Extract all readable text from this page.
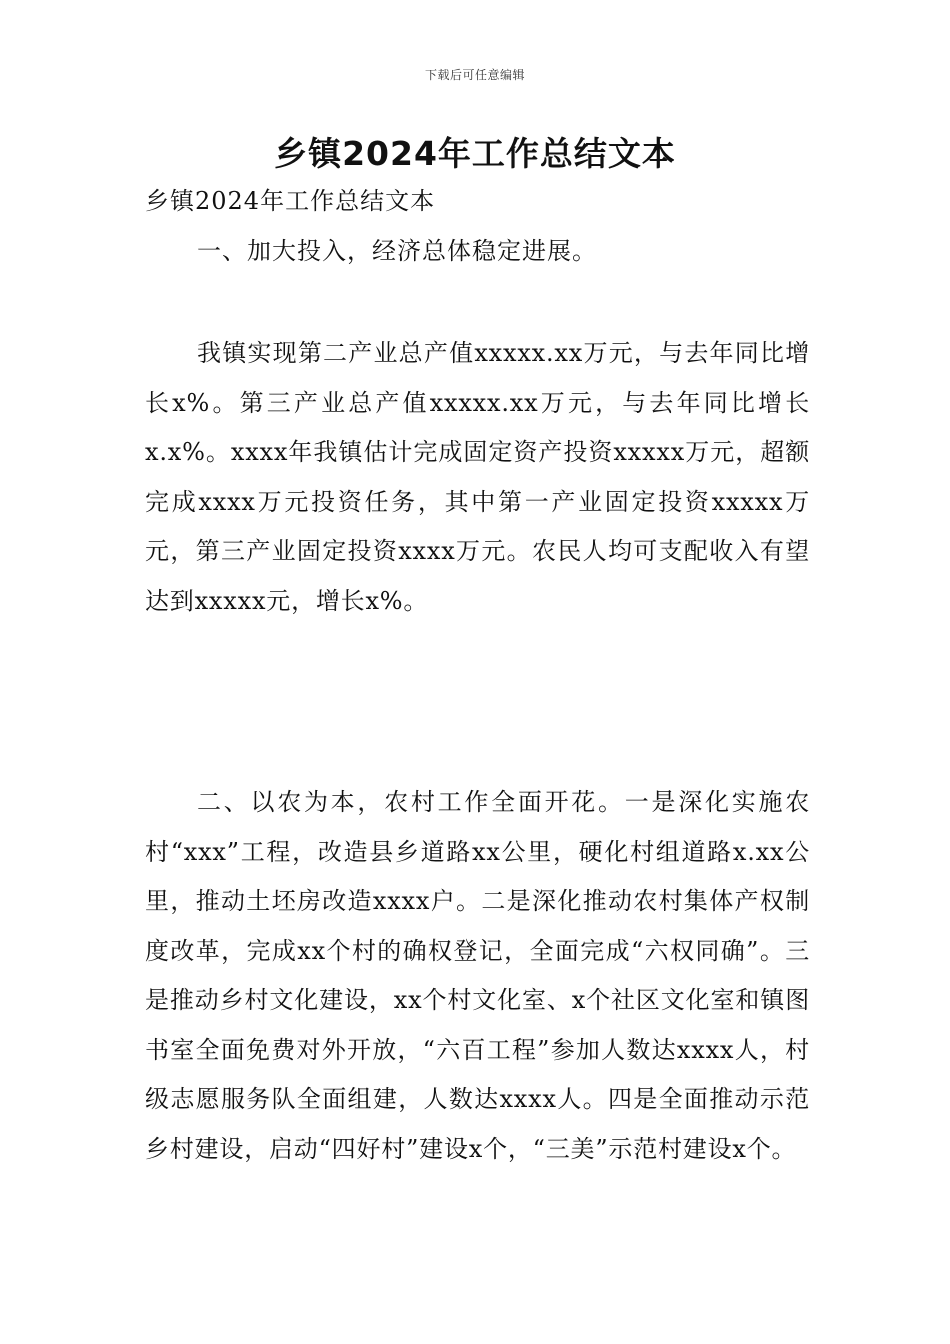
下载后可任意编辑
乡镇2024年工作总结文本
乡镇2024年工作总结文本
一、加大投入，经济总体稳定进展。

我镇实现第二产业总产值xxxxx.xx万元，与去年同比增长x%。第三产业总产值xxxxx.xx万元，与去年同比增长x.x%。xxxx年我镇估计完成固定资产投资xxxxx万元，超额完成xxxx万元投资任务，其中第一产业固定投资xxxxx万元，第三产业固定投资xxxx万元。农民人均可支配收入有望达到xxxxx元，增长x%。

二、以农为本，农村工作全面开花。一是深化实施农村“xxx”工程，改造县乡道路xx公里，硬化村组道路x.xx公里，推动土坯房改造xxxx户。二是深化推动农村集体产权制度改革，完成xx个村的确权登记，全面完成“六权同确”。三是推动乡村文化建设，xx个村文化室、x个社区文化室和镇图书室全面免费对外开放，“六百工程”参加人数达xxxx人，村级志愿服务队全面组建，人数达xxxx人。四是全面推动示范乡村建设，启动“四好村”建设x个，“三美”示范村建设x个。
